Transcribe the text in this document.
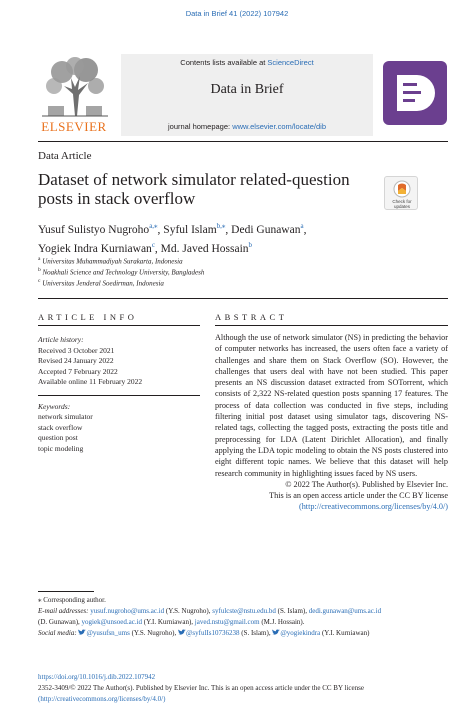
Data in Brief 41 (2022) 107942
ELSEVIER
Contents lists available at ScienceDirect
Data in Brief
journal homepage: www.elsevier.com/locate/dib
Data Article
Dataset of network simulator related-question posts in stack overflow	Check for
updates
Yusuf Sulistyo Nugroho$^{a,⁎}$, Syful Islam$^{b,⁎}$, Dedi Gunawan$^a$,
Yogiek Indra Kurniawan$^c$, Md. Javed Hossain$^b$
$^a$ Universitas Muhammadiyah Surakarta, Indonesia
$^b$ Noakhali Science and Technology University, Bangladesh
$^c$ Universitas Jenderal Soedirman, Indonesia
ARTICLE INFO	ABSTRACT
Article history:
Received 3 October 2021
Revised 24 January 2022
Accepted 7 February 2022
Available online 11 February 2022
Keywords:
network simulator
stack overflow
question post
topic modeling
Although the use of network simulator (NS) in predicting the behavior of computer networks has increased, the users often face a variety of challenges and share them on Stack Overflow (SO). However, the challenges that users deal with have not been studied. This paper presents an NS discussion dataset extracted from SOTorrent, which consists of 2,322 NS-related question posts spanning 17 features. The process of data collection was conducted in five steps, including filtering initial post dataset using simulator tags, discovering NS-related tags, collecting the tagged posts, extracting the posts title and preprocessing for LDA (Latent Dirichlet Allocation), and finally applying the LDA topic modeling to obtain the NS posts clustered into eight different topic names. We believe that this dataset will help research community in highlighting issues faced by NS users.
© 2022 The Author(s). Published by Elsevier Inc.
This is an open access article under the CC BY license
(http://creativecommons.org/licenses/by/4.0/)
⁎ Corresponding author.
E-mail addresses: yusuf.nugroho@ums.ac.id (Y.S. Nugroho), syfulcste@nstu.edu.bd (S. Islam), dedi.gunawan@ums.ac.id
(D. Gunawan), yogiek@unsoed.ac.id (Y.I. Kurniawan), javed.nstu@gmail.com (M.J. Hossain).
Social media: @yusufsn_ums (Y.S. Nugroho), @syfulIs10736238 (S. Islam), @yogiekindra (Y.I. Kurniawan)
https://doi.org/10.1016/j.dib.2022.107942
2352-3409/© 2022 The Author(s). Published by Elsevier Inc. This is an open access article under the CC BY license
(http://creativecommons.org/licenses/by/4.0/)
